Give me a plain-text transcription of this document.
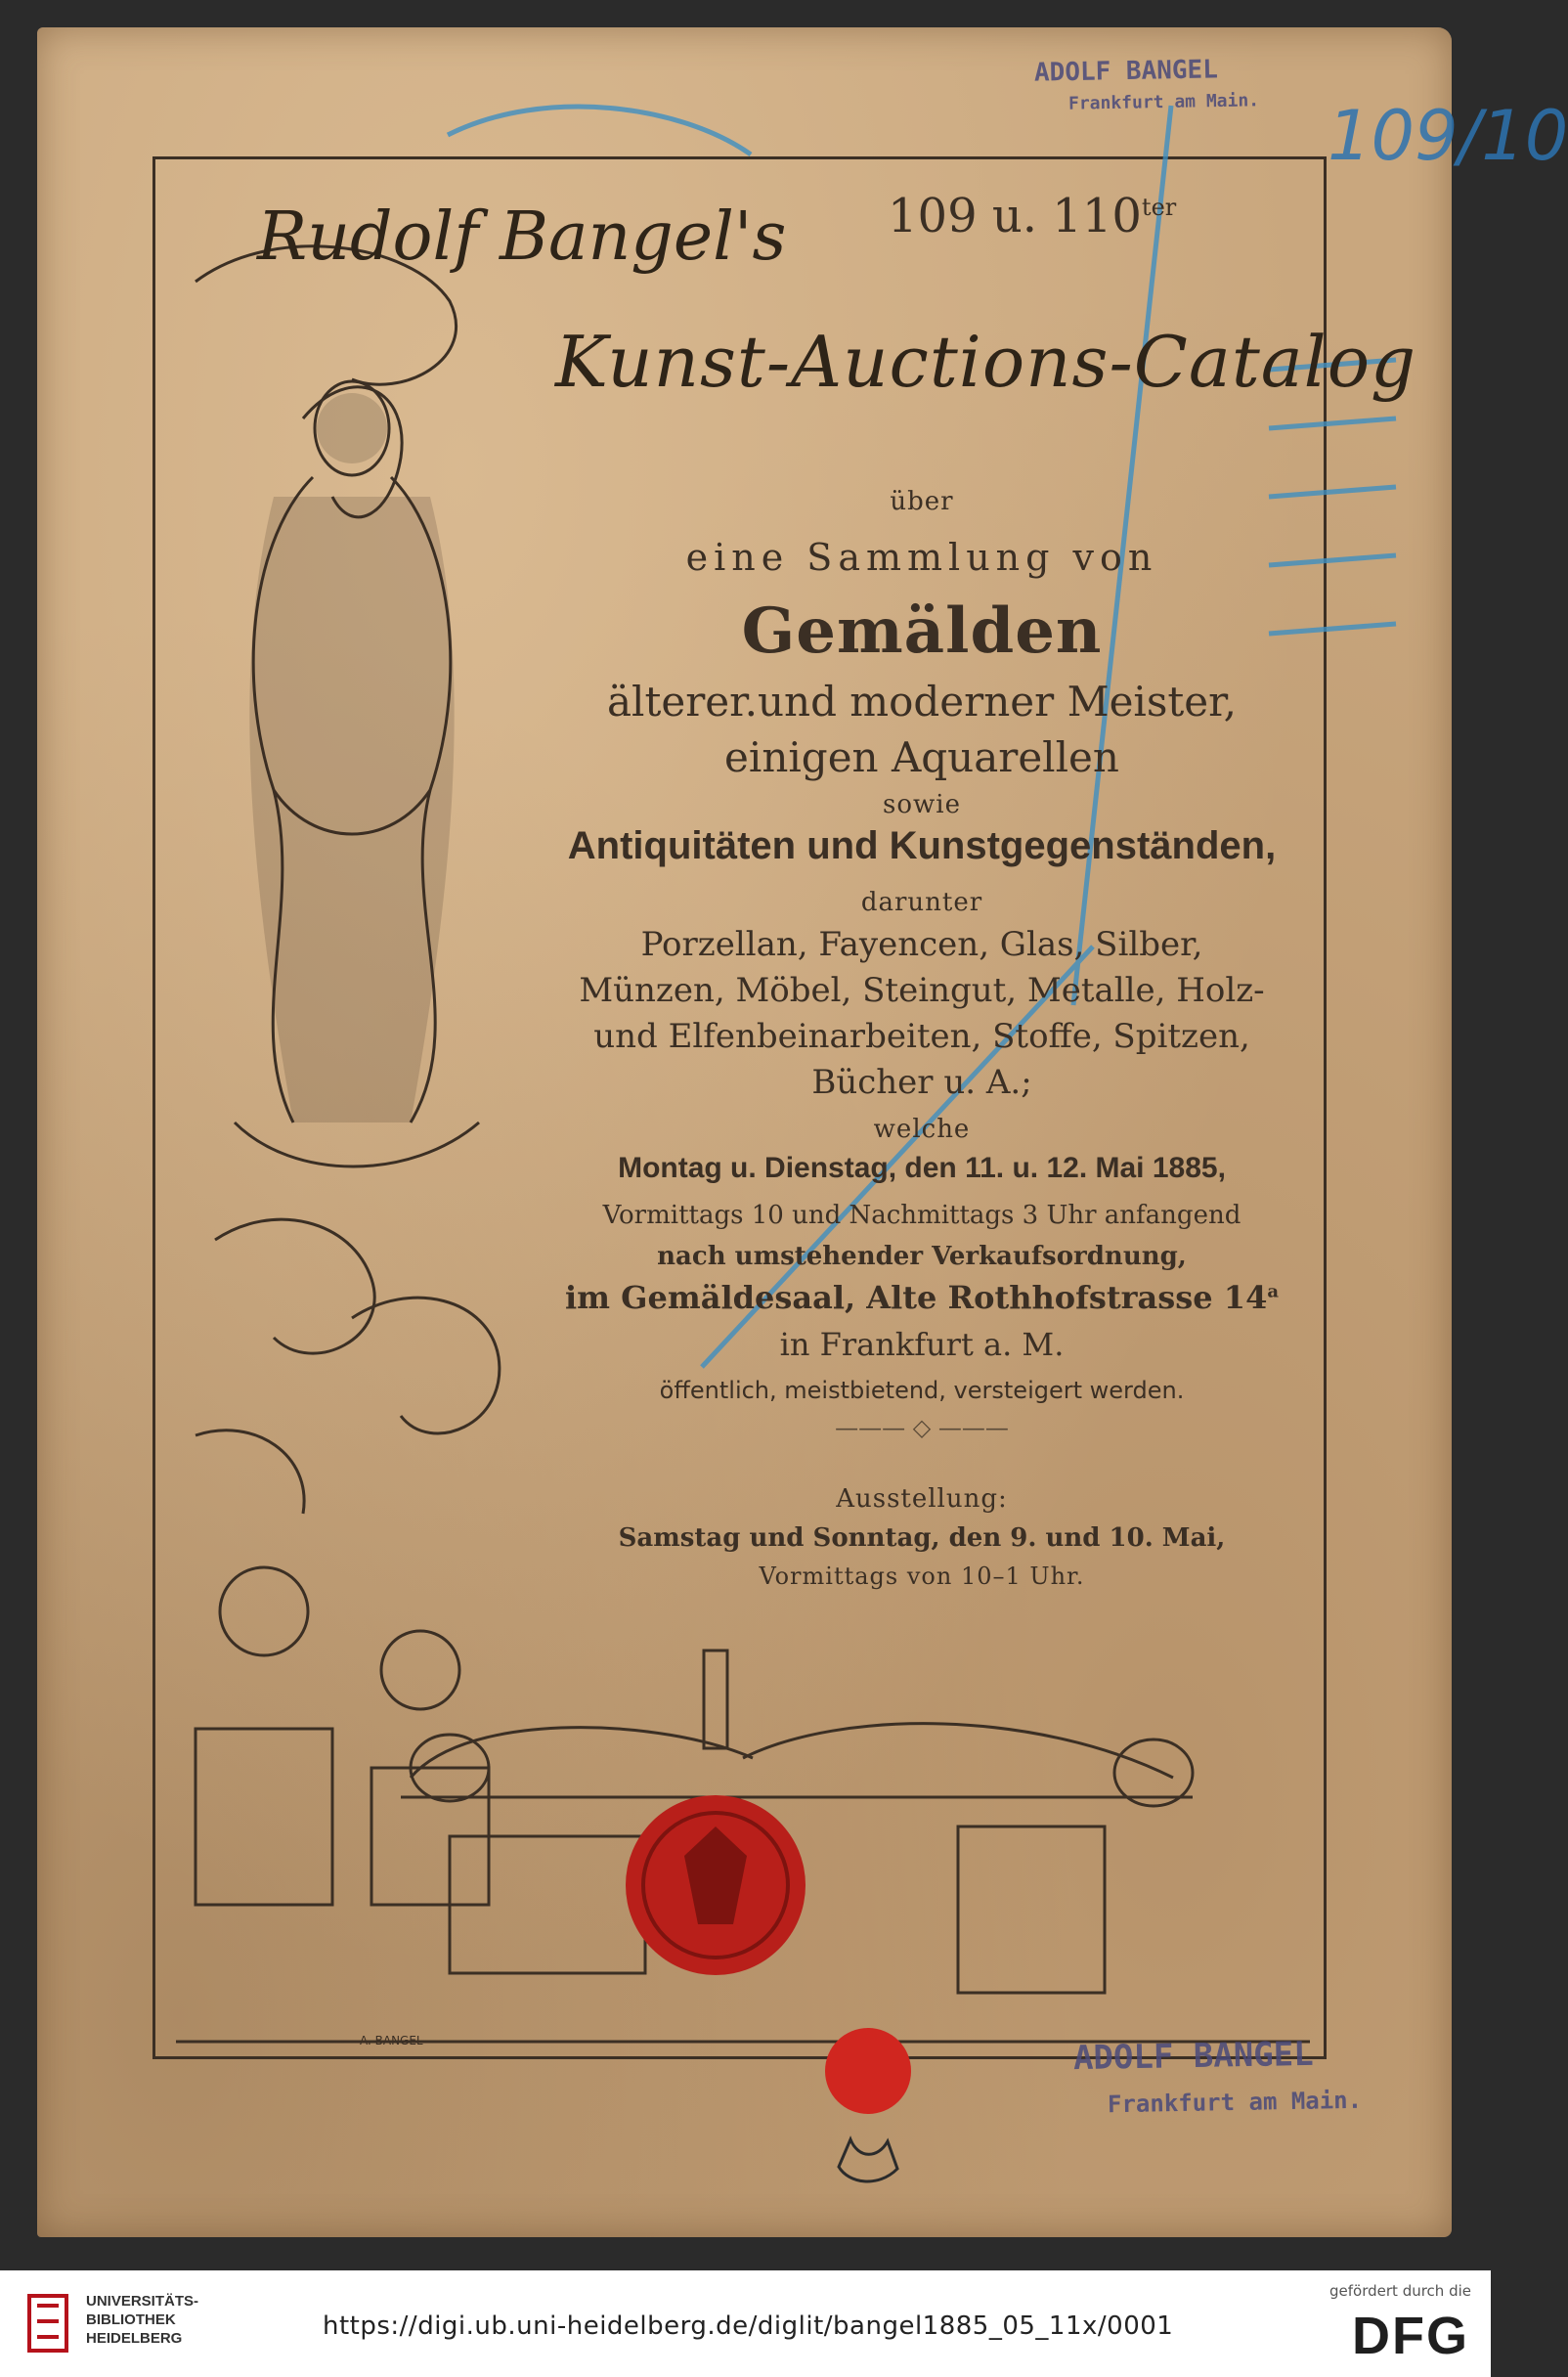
109/10
ADOLF BANGEL
Frankfurt am Main.
ADOLF BANGEL
Frankfurt am Main.
Rudolf Bangel's 109 u. $110^{ter}$
Kunst-Auctions-Catalog
über
eine Sammlung von
Gemälden
älterer.und moderner Meister,
einigen Aquarellen
sowie
Antiquitäten und Kunstgegenständen,
darunter
Porzellan, Fayencen, Glas, Silber,
Münzen, Möbel, Steingut, Metalle, Holz-
und Elfenbeinarbeiten, Stoffe, Spitzen,
Bücher u. A.;
welche
Montag u. Dienstag, den 11. u. 12. Mai 1885,
Vormittags 10 und Nachmittags 3 Uhr anfangend
nach umstehender Verkaufsordnung,
im Gemäldesaal, Alte Rothhofstrasse 14$^a$
in Frankfurt a. M.
öffentlich, meistbietend, versteigert werden.
——— ◇ ———
Ausstellung:
Samstag und Sonntag, den 9. und 10. Mai,
Vormittags von 10–1 Uhr.
A. BANGEL
UNIVERSITÄTS-
BIBLIOTHEK
HEIDELBERG	https://digi.ub.uni-heidelberg.de/diglit/bangel1885_05_11x/0001
gefördert durch die
DFG
